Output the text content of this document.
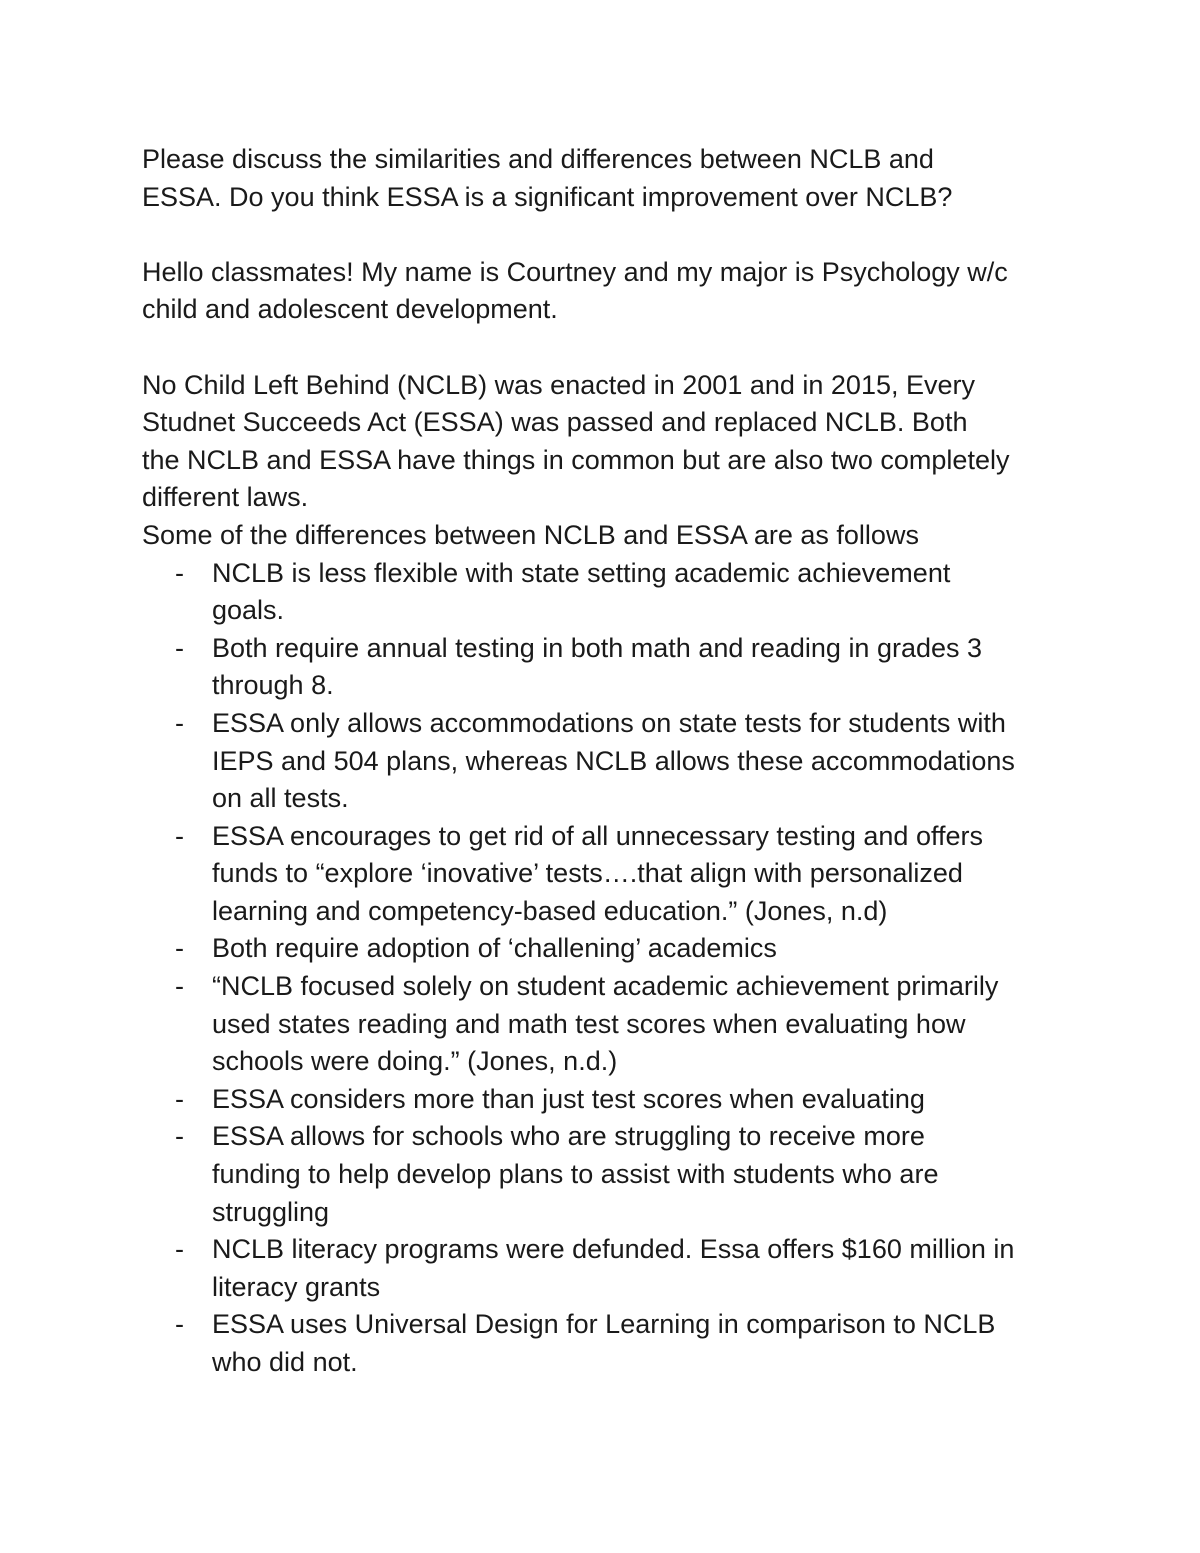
Please discuss the similarities and differences between NCLB and
ESSA. Do you think ESSA is a significant improvement over NCLB?

Hello classmates! My name is Courtney and my major is Psychology w/c
child and adolescent development.

No Child Left Behind (NCLB) was enacted in 2001 and in 2015, Every
Studnet Succeeds Act (ESSA) was passed and replaced NCLB. Both
the NCLB and ESSA have things in common but are also two completely
different laws.

Some of the differences between NCLB and ESSA are as follows

-	NCLB is less flexible with state setting academic achievement
goals.
-	Both require annual testing in both math and reading in grades 3
through 8.
-	ESSA only allows accommodations on state tests for students with
IEPS and 504 plans, whereas NCLB allows these accommodations
on all tests.
-	ESSA encourages to get rid of all unnecessary testing and offers
funds to “explore ‘inovative’ tests….that align with personalized
learning and competency-based education.” (Jones, n.d)
-	Both require adoption of ‘challening’ academics
-	“NCLB focused solely on student academic achievement primarily
used states reading and math test scores when evaluating how
schools were doing.” (Jones, n.d.)
-	ESSA considers more than just test scores when evaluating
-	ESSA allows for schools who are struggling to receive more
funding to help develop plans to assist with students who are
struggling
-	NCLB literacy programs were defunded. Essa offers $160 million in
literacy grants
-	ESSA uses Universal Design for Learning in comparison to NCLB
who did not.
